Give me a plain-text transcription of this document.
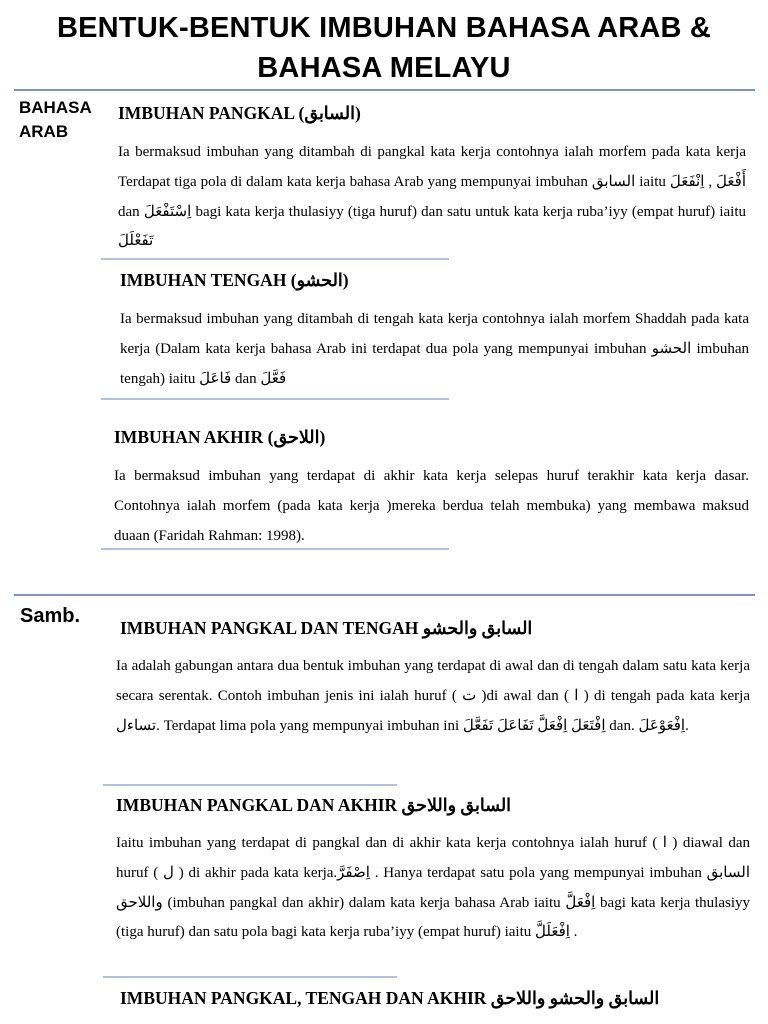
BENTUK-BENTUK IMBUHAN BAHASA ARAB &
BAHASA MELAYU

BAHASA
ARAB

IMBUHAN PANGKAL (السابق)

Ia bermaksud imbuhan yang ditambah di pangkal kata kerja contohnya ialah morfem pada kata kerja Terdapat tiga pola di dalam kata kerja bahasa Arab yang mempunyai imbuhan السابق iaitu أَفْعَلَ , اِنْفَعَلَ dan اِسْتَفْعَلَ bagi kata kerja thulasiyy (tiga huruf) dan satu untuk kata kerja ruba’iyy (empat huruf) iaitu تَفَعْلَلَ

IMBUHAN TENGAH (الحشو)

Ia bermaksud imbuhan yang ditambah di tengah kata kerja contohnya ialah morfem Shaddah pada kata kerja (Dalam kata kerja bahasa Arab ini terdapat dua pola yang mempunyai imbuhan الحشو imbuhan tengah) iaitu فَاعَلَ dan فَعَّلَ

IMBUHAN AKHIR (اللاحق)

Ia bermaksud imbuhan yang terdapat di akhir kata kerja selepas huruf terakhir kata kerja dasar. Contohnya ialah morfem (pada kata kerja )mereka berdua telah membuka) yang membawa maksud duaan (Faridah Rahman: 1998).

Samb.

IMBUHAN PANGKAL DAN TENGAH السابق والحشو

Ia adalah gabungan antara dua bentuk imbuhan yang terdapat di awal dan di tengah dalam satu kata kerja secara serentak. Contoh imbuhan jenis ini ialah huruf ( ت )di awal dan ( ا ) di tengah pada kata kerja تساءل. Terdapat lima pola yang mempunyai imbuhan ini اِفْتَعَلَ اِفْعَلَّ تَفَاعَلَ تَفَعَّلَ dan. اِفْعَوْعَلَ.

IMBUHAN PANGKAL DAN AKHIR السابق واللاحق

Iaitu imbuhan yang terdapat di pangkal dan di akhir kata kerja contohnya ialah huruf ( ا ) diawal dan huruf ( ل ) di akhir pada kata kerja.اِصْفَرَّ . Hanya terdapat satu pola yang mempunyai imbuhan السابق واللاحق (imbuhan pangkal dan akhir) dalam kata kerja bahasa Arab iaitu اِفْعَلَّ bagi kata kerja thulasiyy (tiga huruf) dan satu pola bagi kata kerja ruba’iyy (empat huruf) iaitu اِفْعَلَلَّ .

IMBUHAN PANGKAL, TENGAH DAN AKHIR السابق والحشو واللاحق
